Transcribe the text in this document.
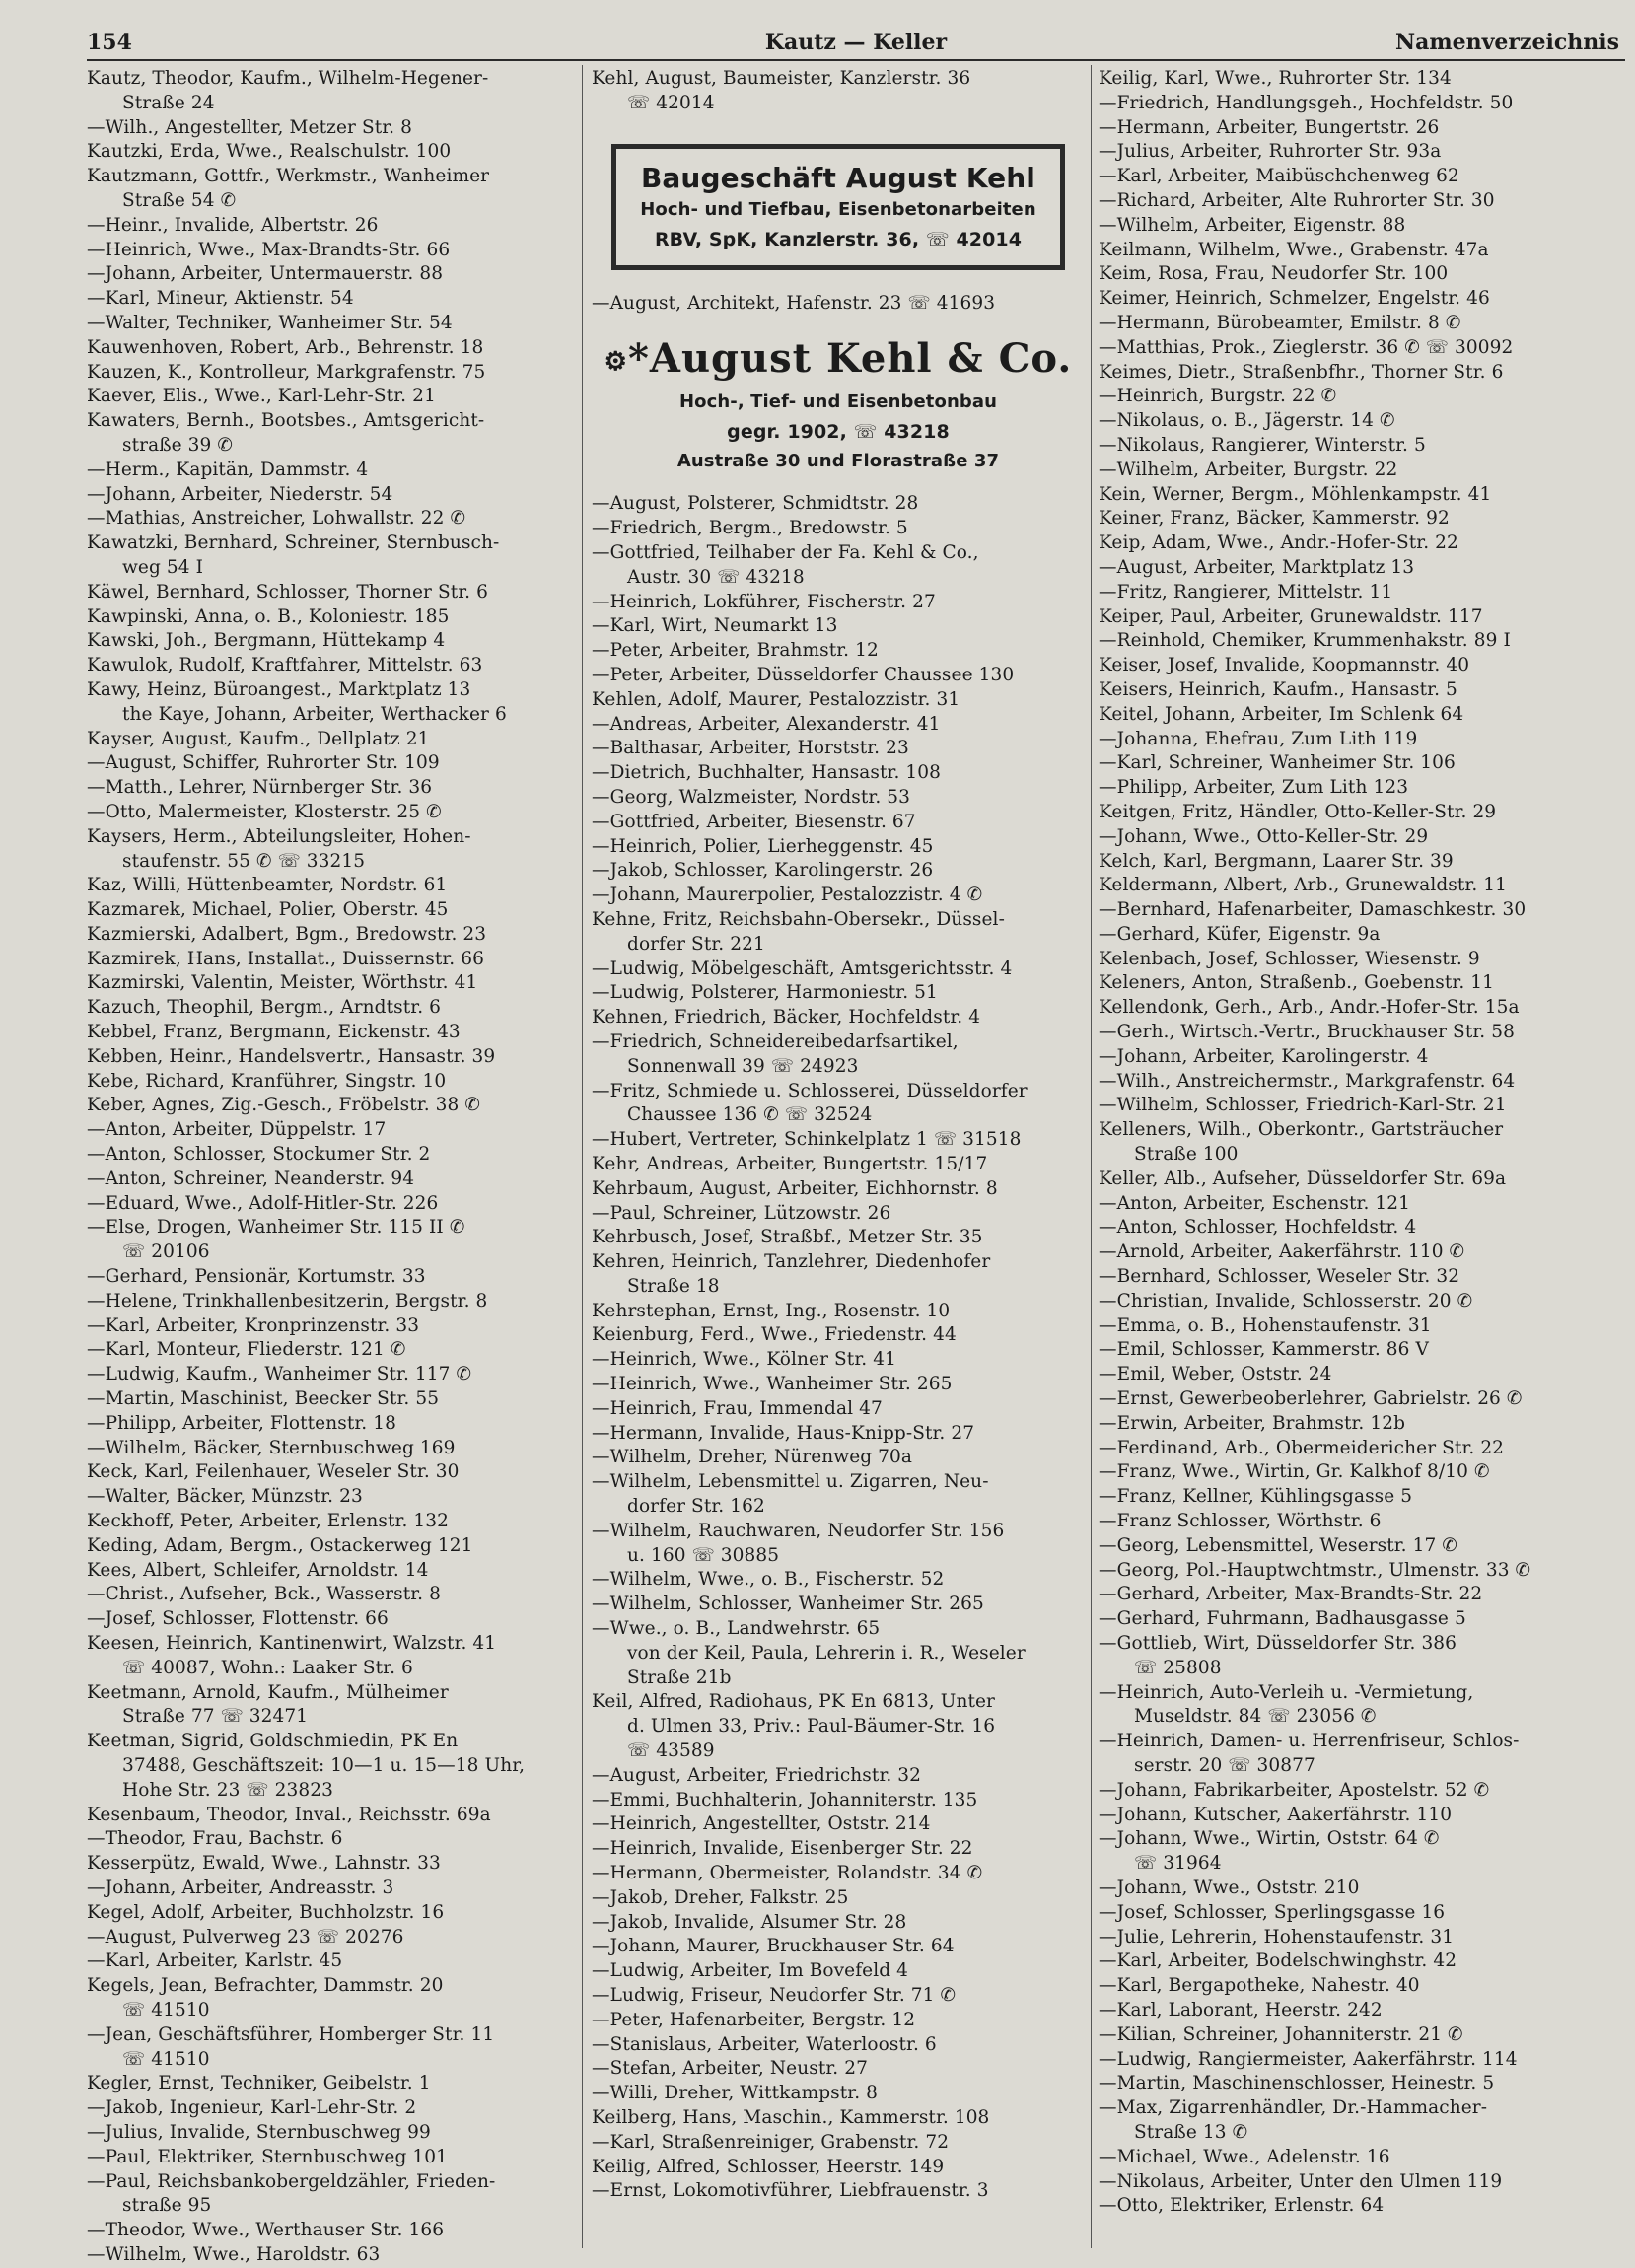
154	Kautz — Keller	Namenverzeichnis
Kautz, Theodor, Kaufm., Wilhelm-Hegener-
Straße 24
—Wilh., Angestellter, Metzer Str. 8
Kautzki, Erda, Wwe., Realschulstr. 100
Kautzmann, Gottfr., Werkmstr., Wanheimer
Straße 54 ✆
—Heinr., Invalide, Albertstr. 26
—Heinrich, Wwe., Max-Brandts-Str. 66
—Johann, Arbeiter, Untermauerstr. 88
—Karl, Mineur, Aktienstr. 54
—Walter, Techniker, Wanheimer Str. 54
Kauwenhoven, Robert, Arb., Behrenstr. 18
Kauzen, K., Kontrolleur, Markgrafenstr. 75
Kaever, Elis., Wwe., Karl-Lehr-Str. 21
Kawaters, Bernh., Bootsbes., Amtsgericht-
straße 39 ✆
—Herm., Kapitän, Dammstr. 4
—Johann, Arbeiter, Niederstr. 54
—Mathias, Anstreicher, Lohwallstr. 22 ✆
Kawatzki, Bernhard, Schreiner, Sternbusch-
weg 54 I
Käwel, Bernhard, Schlosser, Thorner Str. 6
Kawpinski, Anna, o. B., Koloniestr. 185
Kawski, Joh., Bergmann, Hüttekamp 4
Kawulok, Rudolf, Kraftfahrer, Mittelstr. 63
Kawy, Heinz, Büroangest., Marktplatz 13
the Kaye, Johann, Arbeiter, Werthacker 6
Kayser, August, Kaufm., Dellplatz 21
—August, Schiffer, Ruhrorter Str. 109
—Matth., Lehrer, Nürnberger Str. 36
—Otto, Malermeister, Klosterstr. 25 ✆
Kaysers, Herm., Abteilungsleiter, Hohen-
staufenstr. 55 ✆ ☏ 33215
Kaz, Willi, Hüttenbeamter, Nordstr. 61
Kazmarek, Michael, Polier, Oberstr. 45
Kazmierski, Adalbert, Bgm., Bredowstr. 23
Kazmirek, Hans, Installat., Duissernstr. 66
Kazmirski, Valentin, Meister, Wörthstr. 41
Kazuch, Theophil, Bergm., Arndtstr. 6
Kebbel, Franz, Bergmann, Eickenstr. 43
Kebben, Heinr., Handelsvertr., Hansastr. 39
Kebe, Richard, Kranführer, Singstr. 10
Keber, Agnes, Zig.-Gesch., Fröbelstr. 38 ✆
—Anton, Arbeiter, Düppelstr. 17
—Anton, Schlosser, Stockumer Str. 2
—Anton, Schreiner, Neanderstr. 94
—Eduard, Wwe., Adolf-Hitler-Str. 226
—Else, Drogen, Wanheimer Str. 115 II ✆
☏ 20106
—Gerhard, Pensionär, Kortumstr. 33
—Helene, Trinkhallenbesitzerin, Bergstr. 8
—Karl, Arbeiter, Kronprinzenstr. 33
—Karl, Monteur, Fliederstr. 121 ✆
—Ludwig, Kaufm., Wanheimer Str. 117 ✆
—Martin, Maschinist, Beecker Str. 55
—Philipp, Arbeiter, Flottenstr. 18
—Wilhelm, Bäcker, Sternbuschweg 169
Keck, Karl, Feilenhauer, Weseler Str. 30
—Walter, Bäcker, Münzstr. 23
Keckhoff, Peter, Arbeiter, Erlenstr. 132
Keding, Adam, Bergm., Ostackerweg 121
Kees, Albert, Schleifer, Arnoldstr. 14
—Christ., Aufseher, Bck., Wasserstr. 8
—Josef, Schlosser, Flottenstr. 66
Keesen, Heinrich, Kantinenwirt, Walzstr. 41
☏ 40087, Wohn.: Laaker Str. 6
Keetmann, Arnold, Kaufm., Mülheimer
Straße 77 ☏ 32471
Keetman, Sigrid, Goldschmiedin, PK En
37488, Geschäftszeit: 10—1 u. 15—18 Uhr,
Hohe Str. 23 ☏ 23823
Kesenbaum, Theodor, Inval., Reichsstr. 69a
—Theodor, Frau, Bachstr. 6
Kesserpütz, Ewald, Wwe., Lahnstr. 33
—Johann, Arbeiter, Andreasstr. 3
Kegel, Adolf, Arbeiter, Buchholzstr. 16
—August, Pulverweg 23 ☏ 20276
—Karl, Arbeiter, Karlstr. 45
Kegels, Jean, Befrachter, Dammstr. 20
☏ 41510
—Jean, Geschäftsführer, Homberger Str. 11
☏ 41510
Kegler, Ernst, Techniker, Geibelstr. 1
—Jakob, Ingenieur, Karl-Lehr-Str. 2
—Julius, Invalide, Sternbuschweg 99
—Paul, Elektriker, Sternbuschweg 101
—Paul, Reichsbankobergeldzähler, Frieden-
straße 95
—Theodor, Wwe., Werthauser Str. 166
—Wilhelm, Wwe., Haroldstr. 63
Kehl, August, Baumeister, Kanzlerstr. 36
☏ 42014
Baugeschäft August Kehl
Hoch- und Tiefbau, Eisenbetonarbeiten
RBV, SpK, Kanzlerstr. 36, ☏ 42014
—August, Architekt, Hafenstr. 23 ☏ 41693
⚙*August Kehl & Co.
Hoch-, Tief- und Eisenbetonbau
gegr. 1902, ☏ 43218
Austraße 30 und Florastraße 37
—August, Polsterer, Schmidtstr. 28
—Friedrich, Bergm., Bredowstr. 5
—Gottfried, Teilhaber der Fa. Kehl & Co.,
Austr. 30 ☏ 43218
—Heinrich, Lokführer, Fischerstr. 27
—Karl, Wirt, Neumarkt 13
—Peter, Arbeiter, Brahmstr. 12
—Peter, Arbeiter, Düsseldorfer Chaussee 130
Kehlen, Adolf, Maurer, Pestalozzistr. 31
—Andreas, Arbeiter, Alexanderstr. 41
—Balthasar, Arbeiter, Horststr. 23
—Dietrich, Buchhalter, Hansastr. 108
—Georg, Walzmeister, Nordstr. 53
—Gottfried, Arbeiter, Biesenstr. 67
—Heinrich, Polier, Lierheggenstr. 45
—Jakob, Schlosser, Karolingerstr. 26
—Johann, Maurerpolier, Pestalozzistr. 4 ✆
Kehne, Fritz, Reichsbahn-Obersekr., Düssel-
dorfer Str. 221
—Ludwig, Möbelgeschäft, Amtsgerichtsstr. 4
—Ludwig, Polsterer, Harmoniestr. 51
Kehnen, Friedrich, Bäcker, Hochfeldstr. 4
—Friedrich, Schneidereibedarfsartikel,
Sonnenwall 39 ☏ 24923
—Fritz, Schmiede u. Schlosserei, Düsseldorfer
Chaussee 136 ✆ ☏ 32524
—Hubert, Vertreter, Schinkelplatz 1 ☏ 31518
Kehr, Andreas, Arbeiter, Bungertstr. 15/17
Kehrbaum, August, Arbeiter, Eichhornstr. 8
—Paul, Schreiner, Lützowstr. 26
Kehrbusch, Josef, Straßbf., Metzer Str. 35
Kehren, Heinrich, Tanzlehrer, Diedenhofer
Straße 18
Kehrstephan, Ernst, Ing., Rosenstr. 10
Keienburg, Ferd., Wwe., Friedenstr. 44
—Heinrich, Wwe., Kölner Str. 41
—Heinrich, Wwe., Wanheimer Str. 265
—Heinrich, Frau, Immendal 47
—Hermann, Invalide, Haus-Knipp-Str. 27
—Wilhelm, Dreher, Nürenweg 70a
—Wilhelm, Lebensmittel u. Zigarren, Neu-
dorfer Str. 162
—Wilhelm, Rauchwaren, Neudorfer Str. 156
u. 160 ☏ 30885
—Wilhelm, Wwe., o. B., Fischerstr. 52
—Wilhelm, Schlosser, Wanheimer Str. 265
—Wwe., o. B., Landwehrstr. 65
von der Keil, Paula, Lehrerin i. R., Weseler
Straße 21b
Keil, Alfred, Radiohaus, PK En 6813, Unter
d. Ulmen 33, Priv.: Paul-Bäumer-Str. 16
☏ 43589
—August, Arbeiter, Friedrichstr. 32
—Emmi, Buchhalterin, Johanniterstr. 135
—Heinrich, Angestellter, Oststr. 214
—Heinrich, Invalide, Eisenberger Str. 22
—Hermann, Obermeister, Rolandstr. 34 ✆
—Jakob, Dreher, Falkstr. 25
—Jakob, Invalide, Alsumer Str. 28
—Johann, Maurer, Bruckhauser Str. 64
—Ludwig, Arbeiter, Im Bovefeld 4
—Ludwig, Friseur, Neudorfer Str. 71 ✆
—Peter, Hafenarbeiter, Bergstr. 12
—Stanislaus, Arbeiter, Waterloostr. 6
—Stefan, Arbeiter, Neustr. 27
—Willi, Dreher, Wittkampstr. 8
Keilberg, Hans, Maschin., Kammerstr. 108
—Karl, Straßenreiniger, Grabenstr. 72
Keilig, Alfred, Schlosser, Heerstr. 149
—Ernst, Lokomotivführer, Liebfrauenstr. 3
Keilig, Karl, Wwe., Ruhrorter Str. 134
—Friedrich, Handlungsgeh., Hochfeldstr. 50
—Hermann, Arbeiter, Bungertstr. 26
—Julius, Arbeiter, Ruhrorter Str. 93a
—Karl, Arbeiter, Maibüschchenweg 62
—Richard, Arbeiter, Alte Ruhrorter Str. 30
—Wilhelm, Arbeiter, Eigenstr. 88
Keilmann, Wilhelm, Wwe., Grabenstr. 47a
Keim, Rosa, Frau, Neudorfer Str. 100
Keimer, Heinrich, Schmelzer, Engelstr. 46
—Hermann, Bürobeamter, Emilstr. 8 ✆
—Matthias, Prok., Zieglerstr. 36 ✆ ☏ 30092
Keimes, Dietr., Straßenbfhr., Thorner Str. 6
—Heinrich, Burgstr. 22 ✆
—Nikolaus, o. B., Jägerstr. 14 ✆
—Nikolaus, Rangierer, Winterstr. 5
—Wilhelm, Arbeiter, Burgstr. 22
Kein, Werner, Bergm., Möhlenkampstr. 41
Keiner, Franz, Bäcker, Kammerstr. 92
Keip, Adam, Wwe., Andr.-Hofer-Str. 22
—August, Arbeiter, Marktplatz 13
—Fritz, Rangierer, Mittelstr. 11
Keiper, Paul, Arbeiter, Grunewaldstr. 117
—Reinhold, Chemiker, Krummenhakstr. 89 I
Keiser, Josef, Invalide, Koopmannstr. 40
Keisers, Heinrich, Kaufm., Hansastr. 5
Keitel, Johann, Arbeiter, Im Schlenk 64
—Johanna, Ehefrau, Zum Lith 119
—Karl, Schreiner, Wanheimer Str. 106
—Philipp, Arbeiter, Zum Lith 123
Keitgen, Fritz, Händler, Otto-Keller-Str. 29
—Johann, Wwe., Otto-Keller-Str. 29
Kelch, Karl, Bergmann, Laarer Str. 39
Keldermann, Albert, Arb., Grunewaldstr. 11
—Bernhard, Hafenarbeiter, Damaschkestr. 30
—Gerhard, Küfer, Eigenstr. 9a
Kelenbach, Josef, Schlosser, Wiesenstr. 9
Keleners, Anton, Straßenb., Goebenstr. 11
Kellendonk, Gerh., Arb., Andr.-Hofer-Str. 15a
—Gerh., Wirtsch.-Vertr., Bruckhauser Str. 58
—Johann, Arbeiter, Karolingerstr. 4
—Wilh., Anstreichermstr., Markgrafenstr. 64
—Wilhelm, Schlosser, Friedrich-Karl-Str. 21
Kelleners, Wilh., Oberkontr., Gartsträucher
Straße 100
Keller, Alb., Aufseher, Düsseldorfer Str. 69a
—Anton, Arbeiter, Eschenstr. 121
—Anton, Schlosser, Hochfeldstr. 4
—Arnold, Arbeiter, Aakerfährstr. 110 ✆
—Bernhard, Schlosser, Weseler Str. 32
—Christian, Invalide, Schlosserstr. 20 ✆
—Emma, o. B., Hohenstaufenstr. 31
—Emil, Schlosser, Kammerstr. 86 V
—Emil, Weber, Oststr. 24
—Ernst, Gewerbeoberlehrer, Gabrielstr. 26 ✆
—Erwin, Arbeiter, Brahmstr. 12b
—Ferdinand, Arb., Obermeidericher Str. 22
—Franz, Wwe., Wirtin, Gr. Kalkhof 8/10 ✆
—Franz, Kellner, Kühlingsgasse 5
—Franz Schlosser, Wörthstr. 6
—Georg, Lebensmittel, Weserstr. 17 ✆
—Georg, Pol.-Hauptwchtmstr., Ulmenstr. 33 ✆
—Gerhard, Arbeiter, Max-Brandts-Str. 22
—Gerhard, Fuhrmann, Badhausgasse 5
—Gottlieb, Wirt, Düsseldorfer Str. 386
☏ 25808
—Heinrich, Auto-Verleih u. -Vermietung,
Museldstr. 84 ☏ 23056 ✆
—Heinrich, Damen- u. Herrenfriseur, Schlos-
serstr. 20 ☏ 30877
—Johann, Fabrikarbeiter, Apostelstr. 52 ✆
—Johann, Kutscher, Aakerfährstr. 110
—Johann, Wwe., Wirtin, Oststr. 64 ✆
☏ 31964
—Johann, Wwe., Oststr. 210
—Josef, Schlosser, Sperlingsgasse 16
—Julie, Lehrerin, Hohenstaufenstr. 31
—Karl, Arbeiter, Bodelschwinghstr. 42
—Karl, Bergapotheke, Nahestr. 40
—Karl, Laborant, Heerstr. 242
—Kilian, Schreiner, Johanniterstr. 21 ✆
—Ludwig, Rangiermeister, Aakerfährstr. 114
—Martin, Maschinenschlosser, Heinestr. 5
—Max, Zigarrenhändler, Dr.-Hammacher-
Straße 13 ✆
—Michael, Wwe., Adelenstr. 16
—Nikolaus, Arbeiter, Unter den Ulmen 119
—Otto, Elektriker, Erlenstr. 64
